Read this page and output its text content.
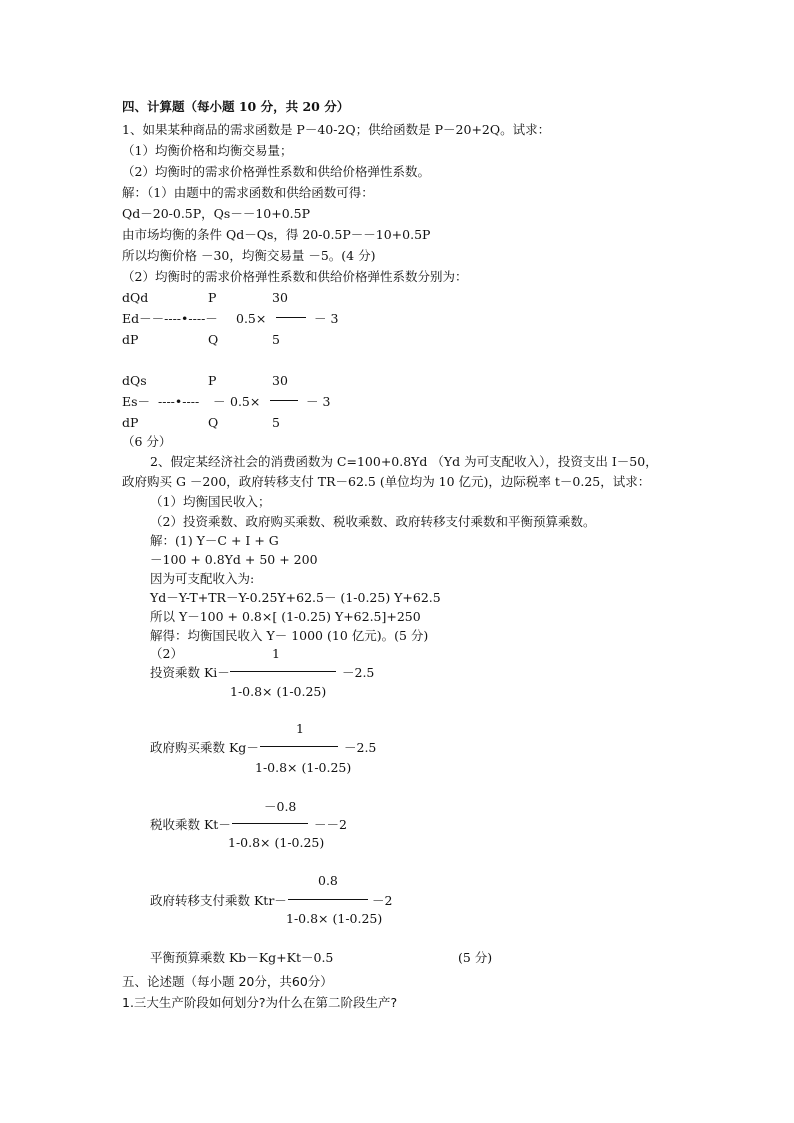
四、计算题（每小题 10 分，共 20 分）
1、如果某种商品的需求函数是 P－40-2Q；供给函数是 P－20+2Q。试求：
（1）均衡价格和均衡交易量；
（2）均衡时的需求价格弹性系数和供给价格弹性系数。
解：（1）由题中的需求函数和供给函数可得：
Qd－20-0.5P，Qs－－10+0.5P
由市场均衡的条件 Qd－Qs，得 20-0.5P－－10+0.5P
所以均衡价格 －30，均衡交易量 －5。(4 分)
（2）均衡时的需求价格弹性系数和供给价格弹性系数分别为：
dQd	P	30
Ed－－----•----－ 0.5×	－ 3
dP	Q	5
dQs	P	30
Es－ ----•---- － 0.5×	－ 3
dP	Q	5
（6 分）
2、假定某经济社会的消费函数为 C=100+0.8Yd （Yd 为可支配收入），投资支出 I－50，
政府购买 G －200，政府转移支付 TR－62.5 (单位均为 10 亿元)，边际税率 t－0.25，试求：
（1）均衡国民收入；
（2）投资乘数、政府购买乘数、税收乘数、政府转移支付乘数和平衡预算乘数。
解：(1) Y－C + I + G
－100 + 0.8Yd + 50 + 200
因为可支配收入为:
Yd－Y-T+TR－Y-0.25Y+62.5－ (1-0.25) Y+62.5
所以 Y－100 + 0.8×[ (1-0.25) Y+62.5]+250
解得：均衡国民收入 Y－ 1000 (10 亿元)。(5 分)
（2）	1
投资乘数 Ki－	－2.5
1-0.8× (1-0.25)
1
政府购买乘数 Kg－	－2.5
1-0.8× (1-0.25)
－0.8
税收乘数 Kt－	－－2
1-0.8× (1-0.25)
0.8
政府转移支付乘数 Ktr－	－2
1-0.8× (1-0.25)
平衡预算乘数 Kb－Kg+Kt－0.5	(5 分)
五、论述题（每小题 20分，共60分）
1.三大生产阶段如何划分?为什么在第二阶段生产?
